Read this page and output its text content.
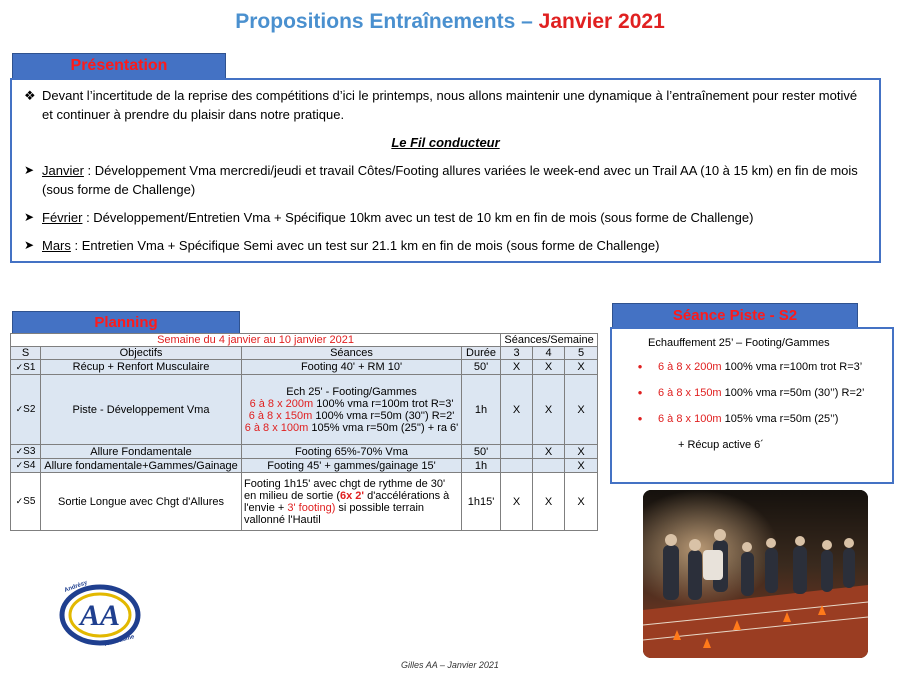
Propositions Entraînements – Janvier 2021
Présentation

❖ Devant l’incertitude de la reprise des compétitions d’ici le printemps, nous allons maintenir une dynamique à l’entraînement pour rester motivé et continuer à prendre du plaisir dans notre pratique.

Le Fil conducteur

➤ Janvier : Développement Vma mercredi/jeudi et travail Côtes/Footing allures variées le week-end avec un Trail AA (10 à 15 km) en fin de mois (sous forme de Challenge)
➤ Février : Développement/Entretien Vma + Spécifique 10km avec un test de 10 km en fin de mois (sous forme de Challenge)
➤ Mars : Entretien Vma + Spécifique Semi avec un test sur 21.1 km en fin de mois (sous forme de Challenge)
Planning
Semaine du 4 janvier au 10 janvier 2021				Séances/Semaine		
S	Objectifs	Séances	Durée	3	4	5
✓S1	Récup + Renfort Musculaire	Footing 40' + RM 10'	50'	X	X	X
✓S2	Piste - Développement Vma	Ech 25' - Footing/Gammes
6 à 8 x 200m 100% vma r=100m trot R=3'
6 à 8 x 150m 100% vma r=50m (30'') R=2'
6 à 8 x 100m 105% vma r=50m (25'') + ra 6'	1h	X	X	X
✓S3	Allure Fondamentale	Footing 65%-70% Vma	50'		X	X
✓S4	Allure fondamentale+Gammes/Gainage	Footing 45' + gammes/gainage 15'	1h			X
✓S5	Sortie Longue avec Chgt d'Allures	Footing 1h15' avec chgt de rythme de 30' en milieu de sortie (6x 2' d'accélérations à l'envie + 3' footing) si possible terrain vallonné l'Hautil	1h15'	X	X	X
Séance Piste - S2
Echauffement 25’ – Footing/Gammes
•	6 à 8 x 200m 100% vma r=100m trot R=3’
•	6 à 8 x 150m 100% vma r=50m (30’’) R=2’
•	6 à 8 x 100m 105% vma r=50m (25’’)
+ Récup active 6´
AA
Andrésy
Athlétisme
Gilles AA – Janvier 2021
